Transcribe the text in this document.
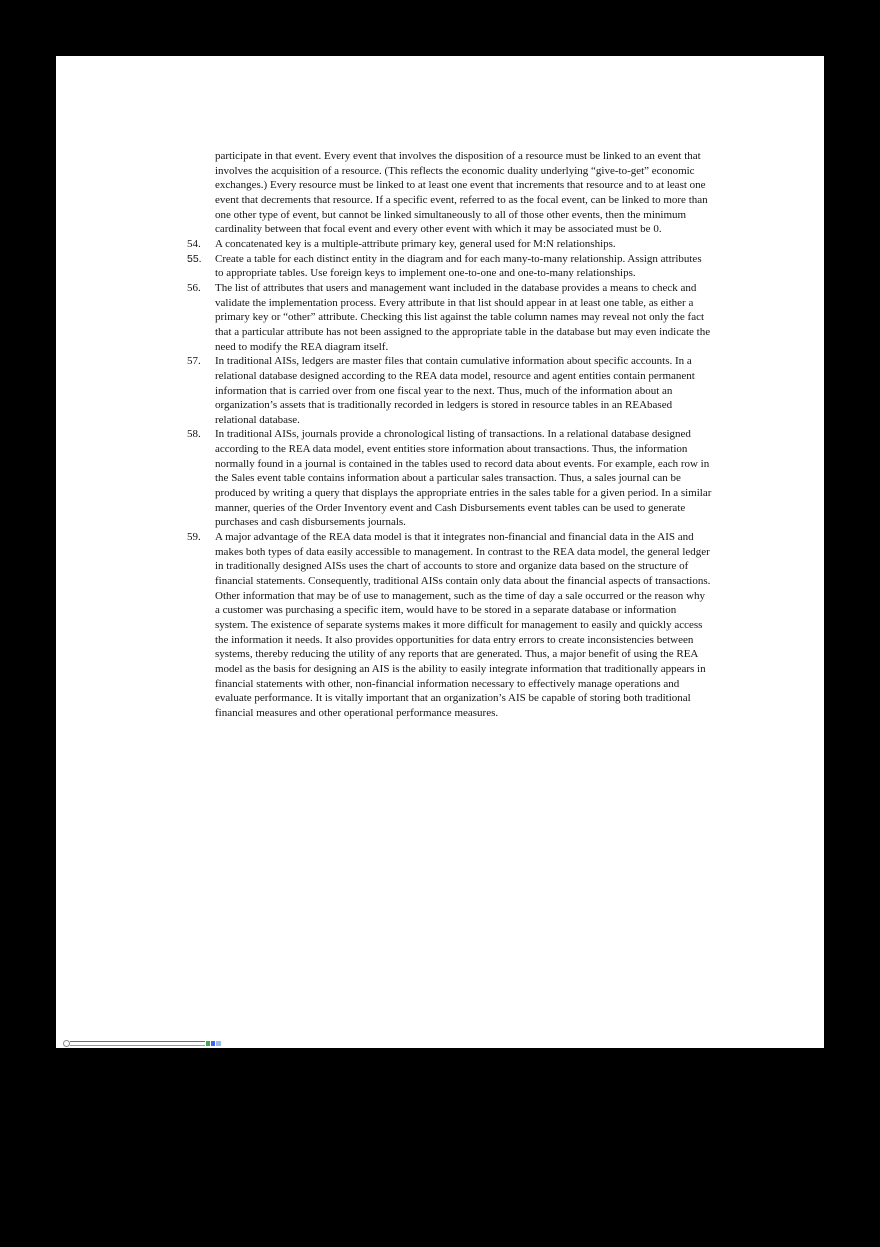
participate in that event. Every event that involves the disposition of a resource must be linked to an event that involves the acquisition of a resource. (This reflects the economic duality underlying “give-to-get” economic exchanges.) Every resource must be linked to at least one event that increments that resource and to at least one event that decrements that resource. If a specific event, referred to as the focal event, can be linked to more than one other type of event, but cannot be linked simultaneously to all of those other events, then the minimum cardinality between that focal event and every other event with which it may be associated must be 0.

54.	A concatenated key is a multiple-attribute primary key, general used for M:N relationships.
55.	Create a table for each distinct entity in the diagram and for each many-to-many relationship. Assign attributes to appropriate tables. Use foreign keys to implement one-to-one and one-to-many relationships.
56.	The list of attributes that users and management want included in the database provides a means to check and validate the implementation process. Every attribute in that list should appear in at least one table, as either a primary key or “other” attribute. Checking this list against the table column names may reveal not only the fact that a particular attribute has not been assigned to the appropriate table in the database but may even indicate the need to modify the REA diagram itself.
57.	In traditional AISs, ledgers are master files that contain cumulative information about specific accounts. In a relational database designed according to the REA data model, resource and agent entities contain permanent information that is carried over from one fiscal year to the next. Thus, much of the information about an organization’s assets that is traditionally recorded in ledgers is stored in resource tables in an REAbased relational database.
58.	In traditional AISs, journals provide a chronological listing of transactions. In a relational database designed according to the REA data model, event entities store information about transactions. Thus, the information normally found in a journal is contained in the tables used to record data about events. For example, each row in the Sales event table contains information about a particular sales transaction. Thus, a sales journal can be produced by writing a query that displays the appropriate entries in the sales table for a given period. In a similar manner, queries of the Order Inventory event and Cash Disbursements event tables can be used to generate purchases and cash disbursements journals.
59.	A major advantage of the REA data model is that it integrates non-financial and financial data in the AIS and makes both types of data easily accessible to management. In contrast to the REA data model, the general ledger in traditionally designed AISs uses the chart of accounts to store and organize data based on the structure of financial statements. Consequently, traditional AISs contain only data about the financial aspects of transactions. Other information that may be of use to management, such as the time of day a sale occurred or the reason why a customer was purchasing a specific item, would have to be stored in a separate database or information system. The existence of separate systems makes it more difficult for management to easily and quickly access the information it needs. It also provides opportunities for data entry errors to create inconsistencies between systems, thereby reducing the utility of any reports that are generated. Thus, a major benefit of using the REA model as the basis for designing an AIS is the ability to easily integrate information that traditionally appears in financial statements with other, non-financial information necessary to effectively manage operations and evaluate performance. It is vitally important that an organization’s AIS be capable of storing both traditional financial measures and other operational performance measures.
